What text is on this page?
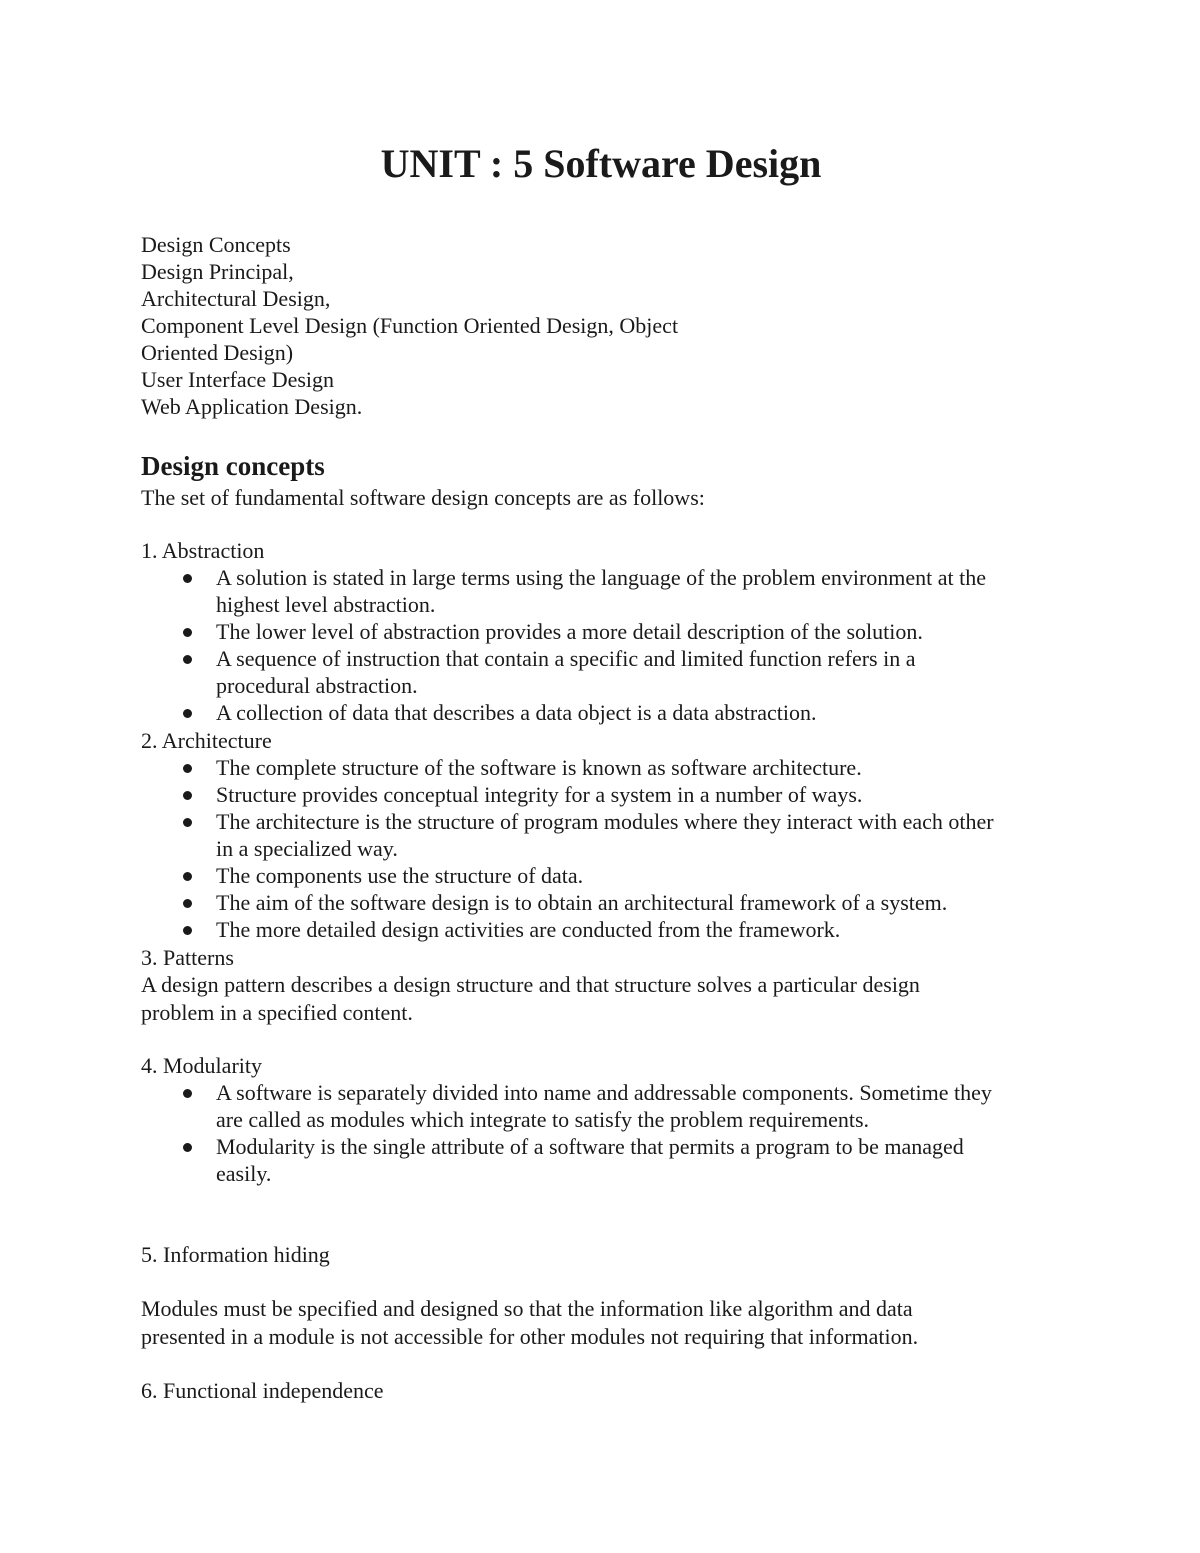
UNIT : 5 Software Design

Design Concepts

Design Principal,

Architectural Design,

Component Level Design (Function Oriented Design, Object

Oriented Design)

User Interface Design

Web Application Design.

Design concepts

The set of fundamental software design concepts are as follows:

1. Abstraction

A solution is stated in large terms using the language of the problem environment at the
highest level abstraction.
The lower level of abstraction provides a more detail description of the solution.
A sequence of instruction that contain a specific and limited function refers in a
procedural abstraction.
A collection of data that describes a data object is a data abstraction.

2. Architecture

The complete structure of the software is known as software architecture.
Structure provides conceptual integrity for a system in a number of ways.
The architecture is the structure of program modules where they interact with each other
in a specialized way.
The components use the structure of data.
The aim of the software design is to obtain an architectural framework of a system.
The more detailed design activities are conducted from the framework.

3. Patterns

A design pattern describes a design structure and that structure solves a particular design

problem in a specified content.

4. Modularity

A software is separately divided into name and addressable components. Sometime they
are called as modules which integrate to satisfy the problem requirements.
Modularity is the single attribute of a software that permits a program to be managed
easily.

5. Information hiding

Modules must be specified and designed so that the information like algorithm and data

presented in a module is not accessible for other modules not requiring that information.

6. Functional independence
